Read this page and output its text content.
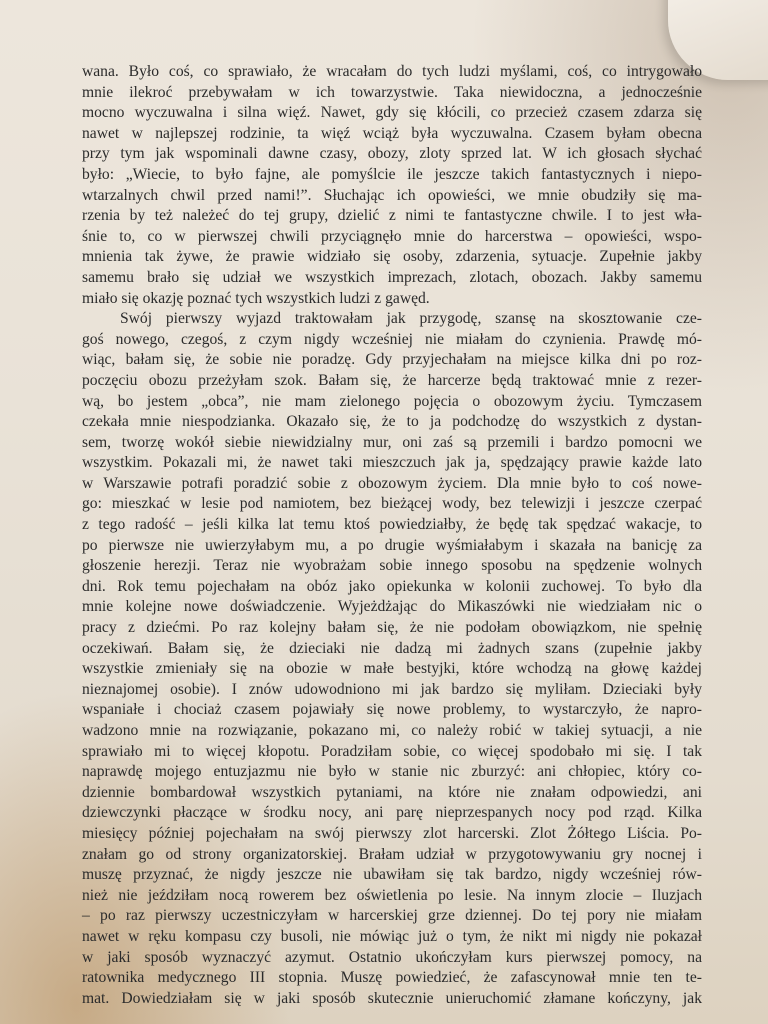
wana. Było coś, co sprawiało, że wracałam do tych ludzi myślami, coś, co intrygowało
mnie ilekroć przebywałam w ich towarzystwie. Taka niewidoczna, a jednocześnie
mocno wyczuwalna i silna więź. Nawet, gdy się kłócili, co przecież czasem zdarza się
nawet w najlepszej rodzinie, ta więź wciąż była wyczuwalna. Czasem byłam obecna
przy tym jak wspominali dawne czasy, obozy, zloty sprzed lat. W ich głosach słychać
było: „Wiecie, to było fajne, ale pomyślcie ile jeszcze takich fantastycznych i niepo-
wtarzalnych chwil przed nami!”. Słuchając ich opowieści, we mnie obudziły się ma-
rzenia by też należeć do tej grupy, dzielić z nimi te fantastyczne chwile. I to jest wła-
śnie to, co w pierwszej chwili przyciągnęło mnie do harcerstwa – opowieści, wspo-
mnienia tak żywe, że prawie widziało się osoby, zdarzenia, sytuacje. Zupełnie jakby
samemu brało się udział we wszystkich imprezach, zlotach, obozach. Jakby samemu
miało się okazję poznać tych wszystkich ludzi z gawęd.
Swój pierwszy wyjazd traktowałam jak przygodę, szansę na skosztowanie cze-
goś nowego, czegoś, z czym nigdy wcześniej nie miałam do czynienia. Prawdę mó-
wiąc, bałam się, że sobie nie poradzę. Gdy przyjechałam na miejsce kilka dni po roz-
poczęciu obozu przeżyłam szok. Bałam się, że harcerze będą traktować mnie z rezer-
wą, bo jestem „obca”, nie mam zielonego pojęcia o obozowym życiu. Tymczasem
czekała mnie niespodzianka. Okazało się, że to ja podchodzę do wszystkich z dystan-
sem, tworzę wokół siebie niewidzialny mur, oni zaś są przemili i bardzo pomocni we
wszystkim. Pokazali mi, że nawet taki mieszczuch jak ja, spędzający prawie każde lato
w Warszawie potrafi poradzić sobie z obozowym życiem. Dla mnie było to coś nowe-
go: mieszkać w lesie pod namiotem, bez bieżącej wody, bez telewizji i jeszcze czerpać
z tego radość – jeśli kilka lat temu ktoś powiedziałby, że będę tak spędzać wakacje, to
po pierwsze nie uwierzyłabym mu, a po drugie wyśmiałabym i skazała na banicję za
głoszenie herezji. Teraz nie wyobrażam sobie innego sposobu na spędzenie wolnych
dni. Rok temu pojechałam na obóz jako opiekunka w kolonii zuchowej. To było dla
mnie kolejne nowe doświadczenie. Wyjeżdżając do Mikaszówki nie wiedziałam nic o
pracy z dziećmi. Po raz kolejny bałam się, że nie podołam obowiązkom, nie spełnię
oczekiwań. Bałam się, że dzieciaki nie dadzą mi żadnych szans (zupełnie jakby
wszystkie zmieniały się na obozie w małe bestyjki, które wchodzą na głowę każdej
nieznajomej osobie). I znów udowodniono mi jak bardzo się myliłam. Dzieciaki były
wspaniałe i chociaż czasem pojawiały się nowe problemy, to wystarczyło, że napro-
wadzono mnie na rozwiązanie, pokazano mi, co należy robić w takiej sytuacji, a nie
sprawiało mi to więcej kłopotu. Poradziłam sobie, co więcej spodobało mi się. I tak
naprawdę mojego entuzjazmu nie było w stanie nic zburzyć: ani chłopiec, który co-
dziennie bombardował wszystkich pytaniami, na które nie znałam odpowiedzi, ani
dziewczynki płaczące w środku nocy, ani parę nieprzespanych nocy pod rząd. Kilka
miesięcy później pojechałam na swój pierwszy zlot harcerski. Zlot Żółtego Liścia. Po-
znałam go od strony organizatorskiej. Brałam udział w przygotowywaniu gry nocnej i
muszę przyznać, że nigdy jeszcze nie ubawiłam się tak bardzo, nigdy wcześniej rów-
nież nie jeździłam nocą rowerem bez oświetlenia po lesie. Na innym zlocie – Iluzjach
– po raz pierwszy uczestniczyłam w harcerskiej grze dziennej. Do tej pory nie miałam
nawet w ręku kompasu czy busoli, nie mówiąc już o tym, że nikt mi nigdy nie pokazał
w jaki sposób wyznaczyć azymut. Ostatnio ukończyłam kurs pierwszej pomocy, na
ratownika medycznego III stopnia. Muszę powiedzieć, że zafascynował mnie ten te-
mat. Dowiedziałam się w jaki sposób skutecznie unieruchomić złamane kończyny, jak
